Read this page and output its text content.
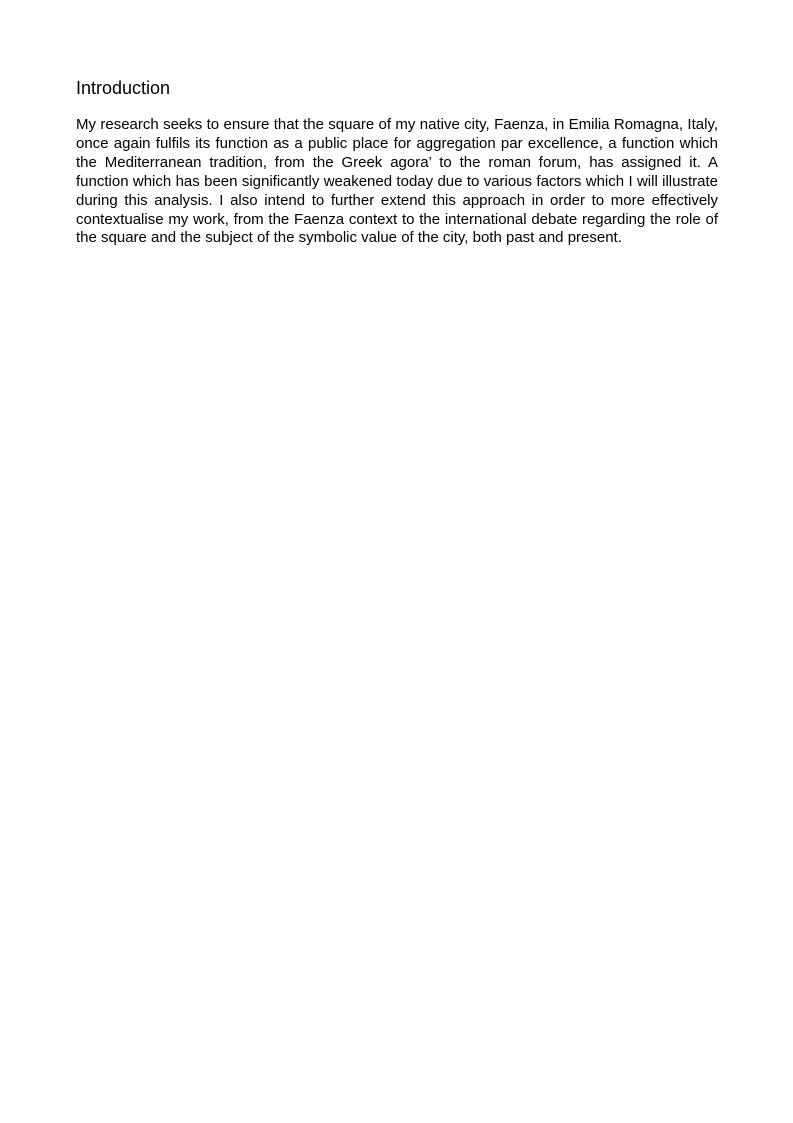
Introduction

My research seeks to ensure that the square of my native city, Faenza, in Emilia Romagna, Italy, once again fulfils its function as a public place for aggregation par excellence, a function which the Mediterranean tradition, from the Greek agora’ to the roman forum, has assigned it. A function which has been significantly weakened today due to various factors which I will illustrate during this analysis. I also intend to further extend this approach in order to more effectively contextualise my work, from the Faenza context to the international debate regarding the role of the square and the subject of the symbolic value of the city, both past and present.
